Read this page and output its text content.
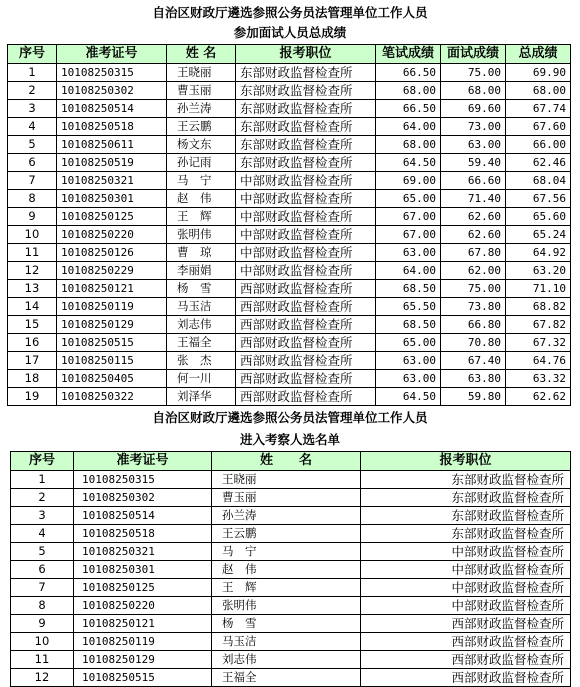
自治区财政厅遴选参照公务员法管理单位工作人员
参加面试人员总成绩
序号	准考证号	姓 名	报考职位	笔试成绩	面试成绩	总成绩
1	10108250315	王晓丽	东部财政监督检查所	66.50	75.00	69.90
2	10108250302	曹玉丽	东部财政监督检查所	68.00	68.00	68.00
3	10108250514	孙兰涛	东部财政监督检查所	66.50	69.60	67.74
4	10108250518	王云鹏	东部财政监督检查所	64.00	73.00	67.60
5	10108250611	杨文东	东部财政监督检查所	68.00	63.00	66.00
6	10108250519	孙记雨	东部财政监督检查所	64.50	59.40	62.46
7	10108250321	马　宁	中部财政监督检查所	69.00	66.60	68.04
8	10108250301	赵　伟	中部财政监督检查所	65.00	71.40	67.56
9	10108250125	王　辉	中部财政监督检查所	67.00	62.60	65.60
10	10108250220	张明伟	中部财政监督检查所	67.00	62.60	65.24
11	10108250126	曹　琼	中部财政监督检查所	63.00	67.80	64.92
12	10108250229	李丽娟	中部财政监督检查所	64.00	62.00	63.20
13	10108250121	杨　雪	西部财政监督检查所	68.50	75.00	71.10
14	10108250119	马玉洁	西部财政监督检查所	65.50	73.80	68.82
15	10108250129	刘志伟	西部财政监督检查所	68.50	66.80	67.82
16	10108250515	王福全	西部财政监督检查所	65.00	70.80	67.32
17	10108250115	张　杰	西部财政监督检查所	63.00	67.40	64.76
18	10108250405	何一川	西部财政监督检查所	63.00	63.80	63.32
19	10108250322	刘泽华	西部财政监督检查所	64.50	59.80	62.62
自治区财政厅遴选参照公务员法管理单位工作人员
进入考察人选名单
序号	准考证号	姓　　名	报考职位
1	10108250315	王晓丽	东部财政监督检查所
2	10108250302	曹玉丽	东部财政监督检查所
3	10108250514	孙兰涛	东部财政监督检查所
4	10108250518	王云鹏	东部财政监督检查所
5	10108250321	马　宁	中部财政监督检查所
6	10108250301	赵　伟	中部财政监督检查所
7	10108250125	王　辉	中部财政监督检查所
8	10108250220	张明伟	中部财政监督检查所
9	10108250121	杨　雪	西部财政监督检查所
10	10108250119	马玉洁	西部财政监督检查所
11	10108250129	刘志伟	西部财政监督检查所
12	10108250515	王福全	西部财政监督检查所
